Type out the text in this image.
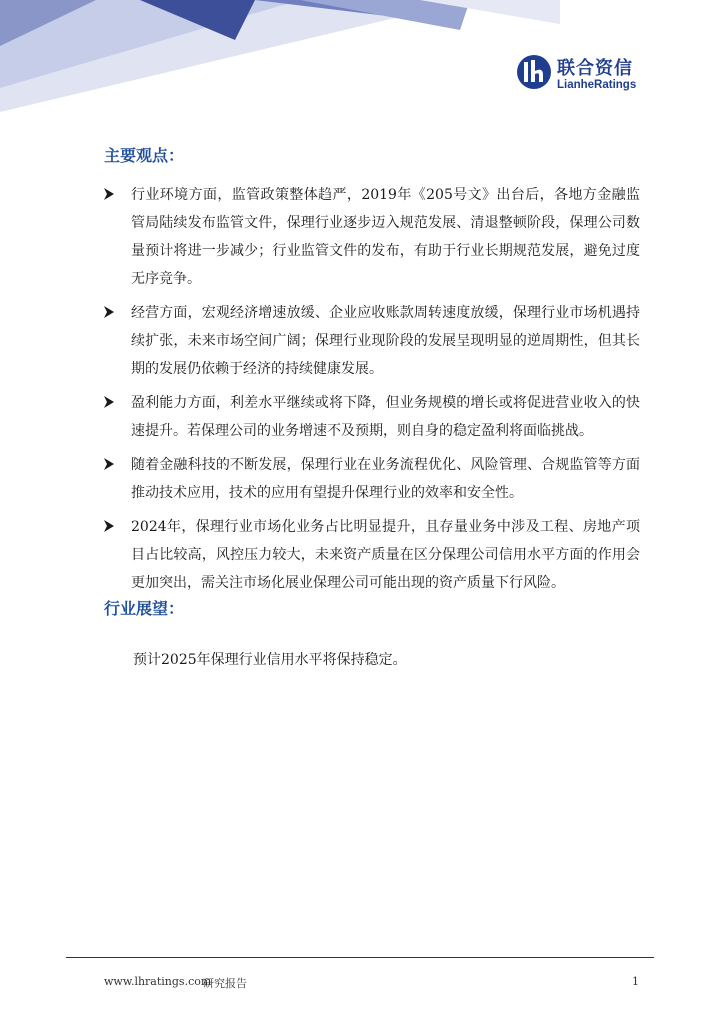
联合资信
LianheRatings
主要观点：
行业环境方面，监管政策整体趋严，2019年《205号文》出台后，各地方金融监管局陆续发布监管文件，保理行业逐步迈入规范发展、清退整顿阶段，保理公司数量预计将进一步减少；行业监管文件的发布，有助于行业长期规范发展，避免过度无序竞争。
经营方面，宏观经济增速放缓、企业应收账款周转速度放缓，保理行业市场机遇持续扩张，未来市场空间广阔；保理行业现阶段的发展呈现明显的逆周期性，但其长期的发展仍依赖于经济的持续健康发展。
盈利能力方面，利差水平继续或将下降，但业务规模的增长或将促进营业收入的快速提升。若保理公司的业务增速不及预期，则自身的稳定盈利将面临挑战。
随着金融科技的不断发展，保理行业在业务流程优化、风险管理、合规监管等方面推动技术应用，技术的应用有望提升保理行业的效率和安全性。
2024年，保理行业市场化业务占比明显提升，且存量业务中涉及工程、房地产项目占比较高，风控压力较大，未来资产质量在区分保理公司信用水平方面的作用会更加突出，需关注市场化展业保理公司可能出现的资产质量下行风险。
行业展望：

预计2025年保理行业信用水平将保持稳定。

www.lhratings.com
研究报告	1
